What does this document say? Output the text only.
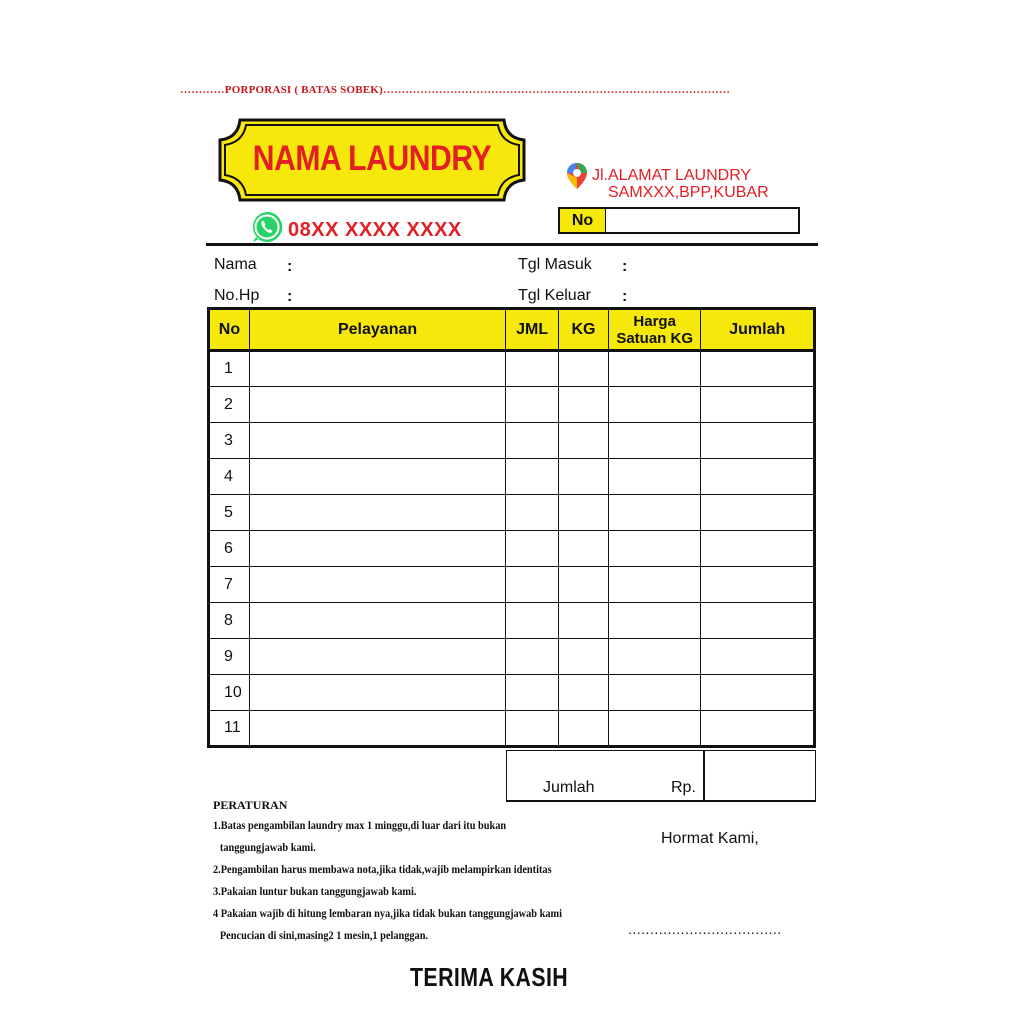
…………PORPORASI ( BATAS SOBEK)…………………………………………………………………………………
NAMA LAUNDRY
08XX XXXX XXXX
Jl.ALAMAT LAUNDRY
SAMXXX,BPP,KUBAR
No
Nama :
No.Hp :
Tgl Masuk :
Tgl Keluar :
No	Pelayanan	JML	KG	Harga
Satuan KG	Jumlah
1					
2					
3					
4					
5					
6					
7					
8					
9					
10					
11					
Jumlah	Rp.
PERATURAN
1.Batas pengambilan laundry max 1 minggu,di luar dari itu bukan
tanggungjawab kami.
2.Pengambilan harus membawa nota,jika tidak,wajib melampirkan identitas
3.Pakaian luntur bukan tanggungjawab kami.
4 Pakaian wajib di hitung lembaran nya,jika tidak bukan tanggungjawab kami
Pencucian di sini,masing2 1 mesin,1 pelanggan.
Hormat Kami,
...................................
TERIMA KASIH
